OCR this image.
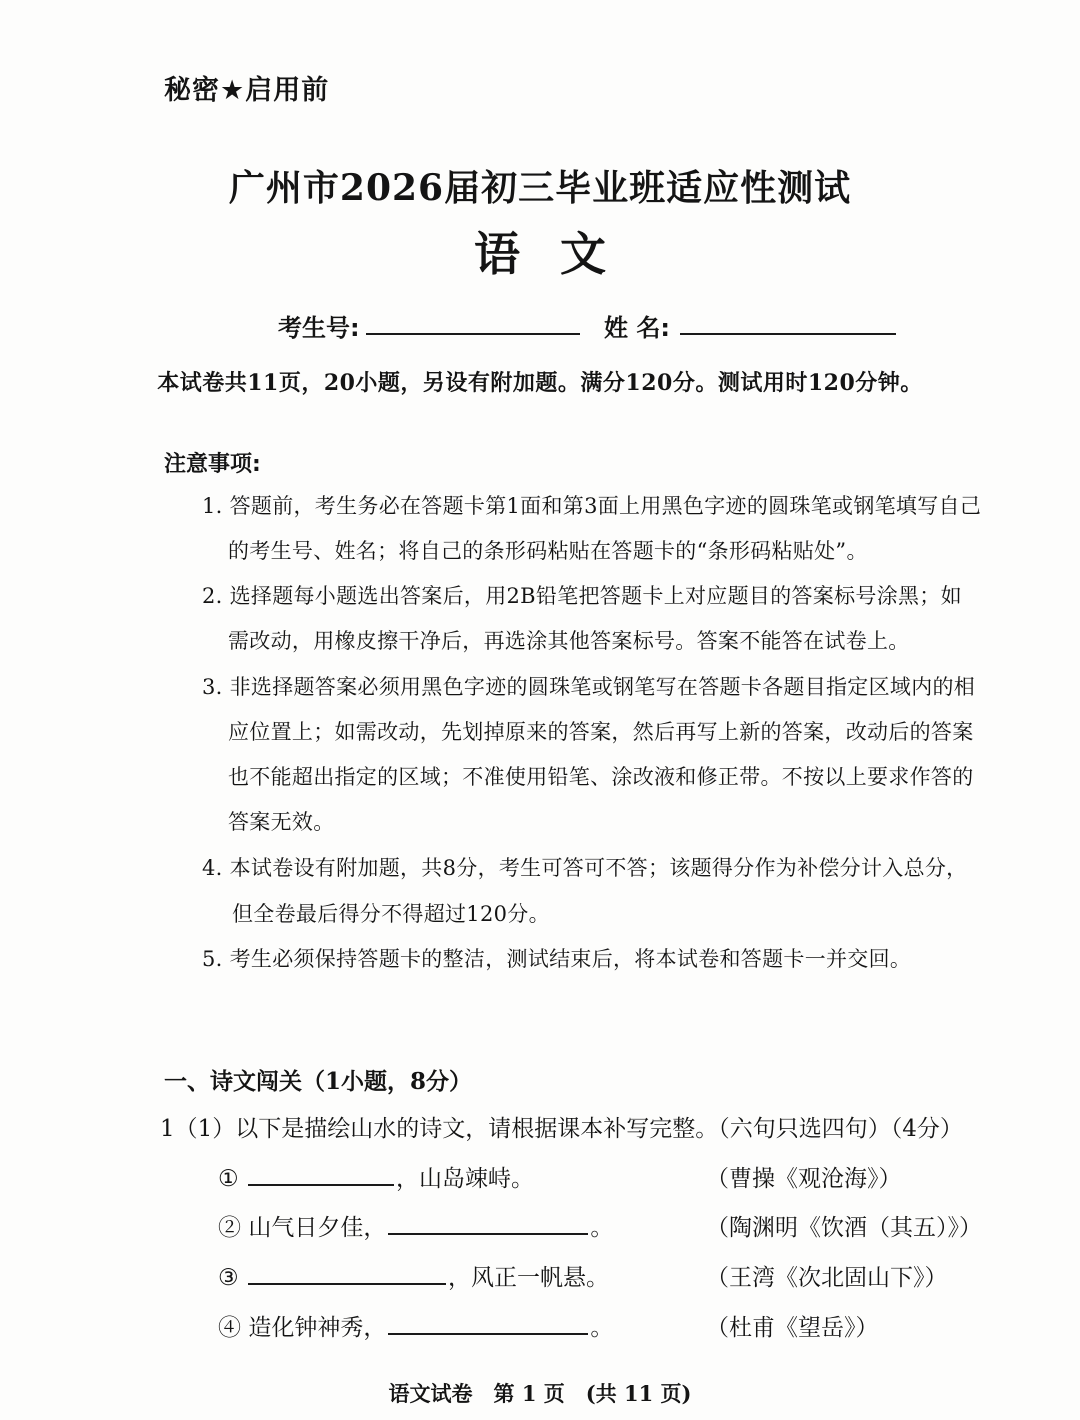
秘密★启用前
广州市2026届初三毕业班适应性测试
语文
考生号:	姓 名:
本试卷共11页，20小题，另设有附加题。满分120分。测试用时120分钟。
注意事项:
1. 答题前，考生务必在答题卡第1面和第3面上用黑色字迹的圆珠笔或钢笔填写自己
的考生号、姓名；将自己的条形码粘贴在答题卡的“条形码粘贴处”。
2. 选择题每小题选出答案后，用2B铅笔把答题卡上对应题目的答案标号涂黑；如
需改动，用橡皮擦干净后，再选涂其他答案标号。答案不能答在试卷上。
3. 非选择题答案必须用黑色字迹的圆珠笔或钢笔写在答题卡各题目指定区域内的相
应位置上；如需改动，先划掉原来的答案，然后再写上新的答案，改动后的答案
也不能超出指定的区域；不准使用铅笔、涂改液和修正带。不按以上要求作答的
答案无效。
4. 本试卷设有附加题，共8分，考生可答可不答；该题得分作为补偿分计入总分，
但全卷最后得分不得超过120分。
5. 考生必须保持答题卡的整洁，测试结束后，将本试卷和答题卡一并交回。
一、诗文闯关（1小题，8分）
1（1）以下是描绘山水的诗文，请根据课本补写完整。（六句只选四句）（4分）
①	，山岛竦峙。	（曹操《观沧海》）
② 山气日夕佳，	。	（陶渊明《饮酒（其五）》）
③	，风正一帆悬。	（王湾《次北固山下》）
④ 造化钟神秀，	。	（杜甫《望岳》）
语文试卷　第 1 页　(共 11 页)
